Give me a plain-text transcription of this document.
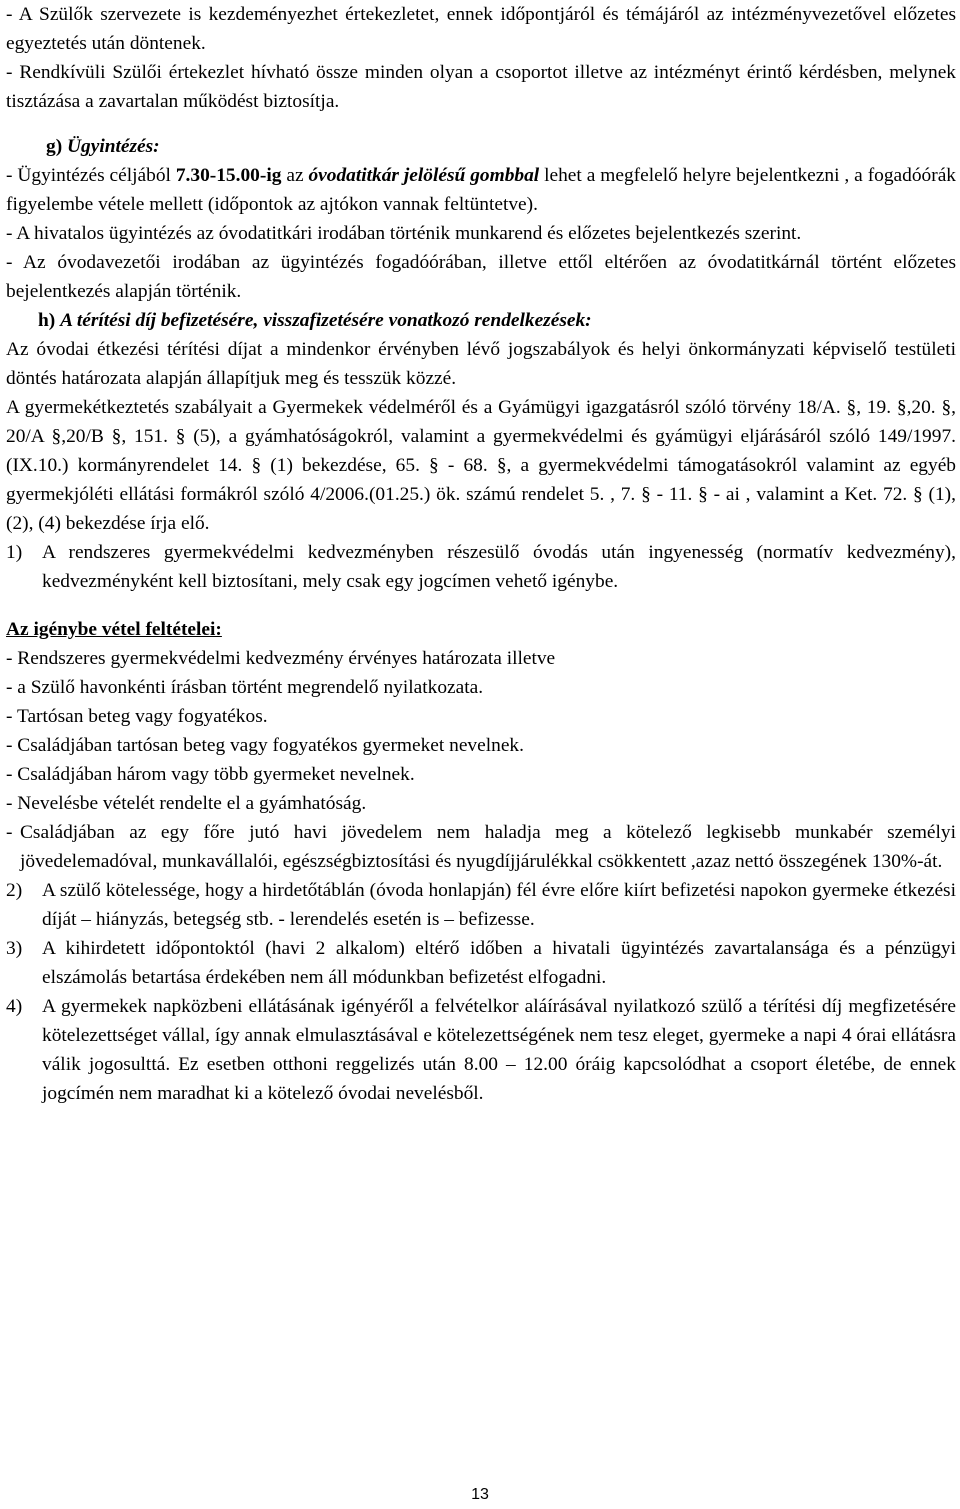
- A Szülők szervezete is kezdeményezhet értekezletet, ennek időpontjáról és témájáról az intézményvezetővel előzetes egyeztetés után döntenek.

- Rendkívüli Szülői értekezlet hívható össze minden olyan a csoportot illetve az intézményt érintő kérdésben, melynek tisztázása a zavartalan működést biztosítja.

g) Ügyintézés:

- Ügyintézés céljából 7.30-15.00-ig az óvodatitkár jelölésű gombbal lehet a megfelelő helyre bejelentkezni , a fogadóórák figyelembe vétele mellett (időpontok az ajtókon vannak feltüntetve).

- A hivatalos ügyintézés az óvodatitkári irodában történik munkarend és előzetes bejelentkezés szerint.

- Az óvodavezetői irodában az ügyintézés fogadóórában, illetve ettől eltérően az óvodatitkárnál történt előzetes bejelentkezés alapján történik.

h) A térítési díj befizetésére, visszafizetésére vonatkozó rendelkezések:

Az óvodai étkezési térítési díjat a mindenkor érvényben lévő jogszabályok és helyi önkormányzati képviselő testületi döntés határozata alapján állapítjuk meg és tesszük közzé.

A gyermekétkeztetés szabályait a Gyermekek védelméről és a Gyámügyi igazgatásról szóló törvény 18/A. §, 19. §,20. §, 20/A §,20/B §, 151. § (5), a gyámhatóságokról, valamint a gyermekvédelmi és gyámügyi eljárásáról szóló 149/1997. (IX.10.) kormányrendelet 14. § (1) bekezdése, 65. § - 68. §, a gyermekvédelmi támogatásokról valamint az egyéb gyermekjóléti ellátási formákról szóló 4/2006.(01.25.) ök. számú rendelet 5. , 7. § - 11. § - ai , valamint a Ket. 72. § (1), (2), (4) bekezdése írja elő.

1)	A rendszeres gyermekvédelmi kedvezményben részesülő óvodás után ingyenesség (normatív kedvezmény), kedvezményként kell biztosítani, mely csak egy jogcímen vehető igénybe.

Az igénybe vétel feltételei:

- Rendszeres gyermekvédelmi kedvezmény érvényes határozata illetve

- a Szülő havonkénti írásban történt megrendelő nyilatkozata.

- Tartósan beteg vagy fogyatékos.

- Családjában tartósan beteg vagy fogyatékos gyermeket nevelnek.

- Családjában három vagy több gyermeket nevelnek.

- Nevelésbe vételét rendelte el a gyámhatóság.

- Családjában az egy főre jutó havi jövedelem nem haladja meg a kötelező legkisebb munkabér személyi jövedelemadóval, munkavállalói, egészségbiztosítási és nyugdíjjárulékkal csökkentett ,azaz nettó összegének 130%-át.
2)	A szülő kötelessége, hogy a hirdetőtáblán (óvoda honlapján) fél évre előre kiírt befizetési napokon gyermeke étkezési díját – hiányzás, betegség stb. - lerendelés esetén is – befizesse.
3)	A kihirdetett időpontoktól (havi 2 alkalom) eltérő időben a hivatali ügyintézés zavartalansága és a pénzügyi elszámolás betartása érdekében nem áll módunkban befizetést elfogadni.
4)	A gyermekek napközbeni ellátásának igényéről a felvételkor aláírásával nyilatkozó szülő a térítési díj megfizetésére kötelezettséget vállal, így annak elmulasztásával e kötelezettségének nem tesz eleget, gyermeke a napi 4 órai ellátásra válik jogosulttá. Ez esetben otthoni reggelizés után 8.00 – 12.00 óráig kapcsolódhat a csoport életébe, de ennek jogcímén nem maradhat ki a kötelező óvodai nevelésből.
13
